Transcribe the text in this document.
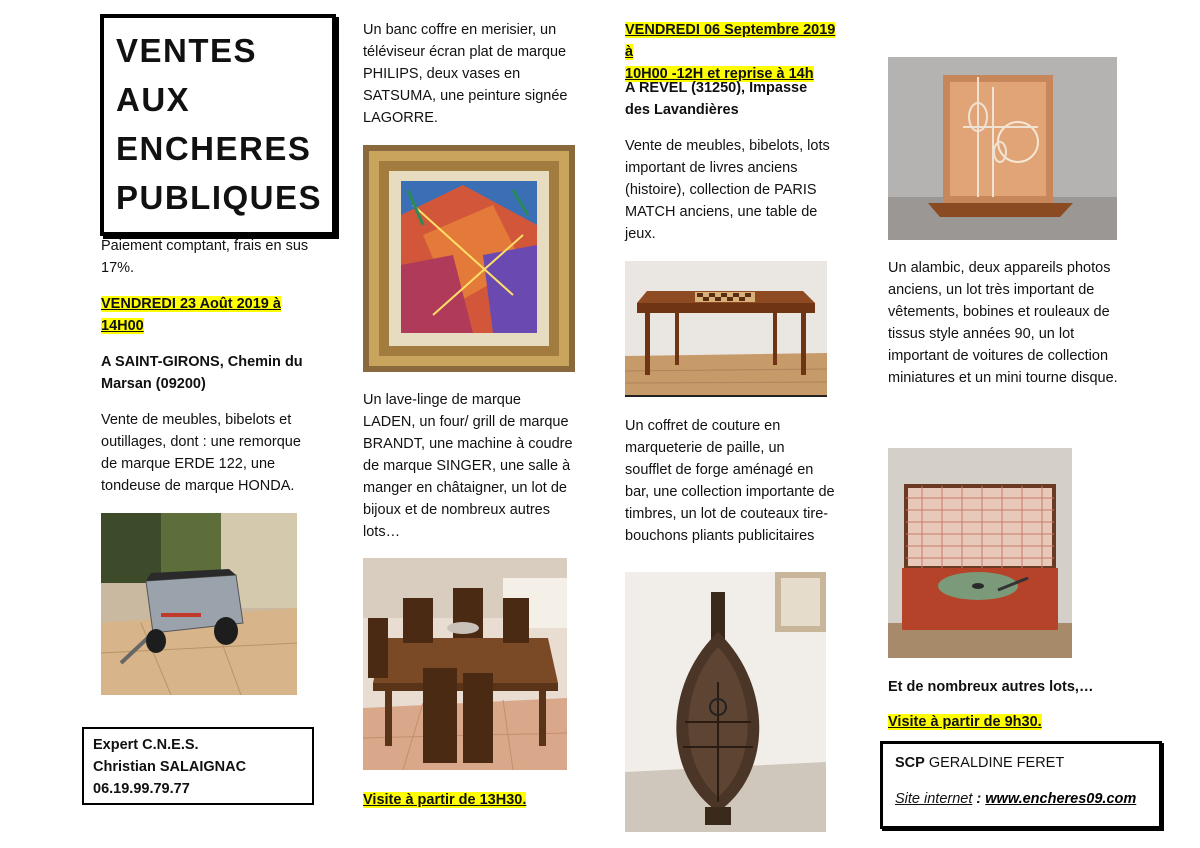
VENTES
AUX
ENCHERES
PUBLIQUES
Paiement comptant, frais en sus 17%.
VENDREDI 23 Août 2019 à 14H00
A SAINT-GIRONS, Chemin du Marsan (09200)
Vente de meubles, bibelots et outillages, dont : une remorque de marque ERDE 122, une tondeuse de marque HONDA.
Expert C.N.E.S.
Christian SALAIGNAC
06.19.99.79.77
Un banc coffre en merisier, un téléviseur écran plat de marque PHILIPS, deux vases en SATSUMA, une peinture signée LAGORRE.
Un lave-linge de marque LADEN, un four/ grill de marque BRANDT, une machine à coudre de marque SINGER, une salle à manger en châtaigner, un lot de bijoux et de nombreux autres lots…
Visite à partir de 13H30.
VENDREDI 06 Septembre 2019 à
10H00 -12H et reprise à 14h
A REVEL (31250), Impasse des Lavandières
Vente de meubles, bibelots, lots important de livres anciens (histoire), collection de PARIS MATCH anciens, une table de jeux.
Un coffret de couture en marqueterie de paille, un soufflet de forge aménagé en bar, une collection importante de timbres, un lot de couteaux tire-bouchons pliants publicitaires
Un alambic, deux appareils photos anciens, un lot très important de vêtements, bobines et rouleaux de tissus style années 90, un lot important de voitures de collection miniatures et un mini tourne disque.
Et de nombreux autres lots,…
Visite à partir de 9h30.
SCP GERALDINE FERET
Site internet : www.encheres09.com
